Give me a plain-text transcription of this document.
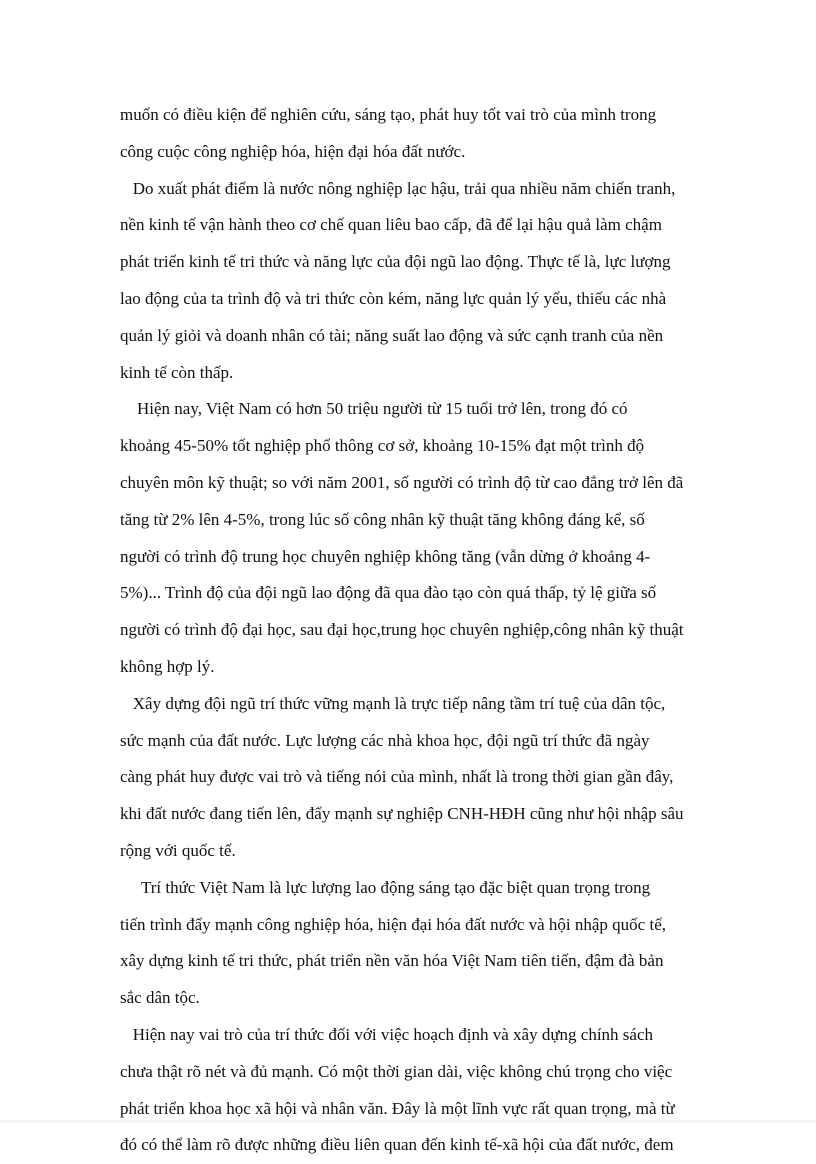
muốn có điều kiện để nghiên cứu, sáng tạo, phát huy tốt vai trò của mình trong
công cuộc công nghiệp hóa, hiện đại hóa đất nước.
Do xuất phát điểm là nước nông nghiệp lạc hậu, trải qua nhiều năm chiến tranh,
nền kinh tế vận hành theo cơ chế quan liêu bao cấp, đã để lại hậu quả làm chậm
phát triển kinh tế tri thức và năng lực của đội ngũ lao động. Thực tế là, lực lượng
lao động của ta trình độ và tri thức còn kém, năng lực quản lý yếu, thiếu các nhà
quản lý giỏi và doanh nhân có tài; năng suất lao động và sức cạnh tranh của nền
kinh tế còn thấp.
Hiện nay, Việt Nam có hơn 50 triệu người từ 15 tuổi trở lên, trong đó có
khoảng 45-50% tốt nghiệp phổ thông cơ sở, khoảng 10-15% đạt một trình độ
chuyên môn kỹ thuật; so với năm 2001, số người có trình độ từ cao đẳng trở lên đã
tăng từ 2% lên 4-5%, trong lúc số công nhân kỹ thuật tăng không đáng kể, số
người có trình độ trung học chuyên nghiệp không tăng (vẫn dừng ở khoảng 4-
5%)... Trình độ của đội ngũ lao động đã qua đào tạo còn quá thấp, tỷ lệ giữa số
người có trình độ đại học, sau đại học,trung học chuyên nghiệp,công nhân kỹ thuật
không hợp lý.
Xây dựng đội ngũ trí thức vững mạnh là trực tiếp nâng tầm trí tuệ của dân tộc,
sức mạnh của đất nước. Lực lượng các nhà khoa học, đội ngũ trí thức đã ngày
càng phát huy được vai trò và tiếng nói của mình, nhất là trong thời gian gần đây,
khi đất nước đang tiến lên, đẩy mạnh sự nghiệp CNH-HĐH cũng như hội nhập sâu
rộng với quốc tế.
Trí thức Việt Nam là lực lượng lao động sáng tạo đặc biệt quan trọng trong
tiến trình đẩy mạnh công nghiệp hóa, hiện đại hóa đất nước và hội nhập quốc tế,
xây dựng kinh tế tri thức, phát triển nền văn hóa Việt Nam tiên tiến, đậm đà bản
sắc dân tộc.
Hiện nay vai trò của trí thức đối với việc hoạch định và xây dựng chính sách
chưa thật rõ nét và đủ mạnh. Có một thời gian dài, việc không chú trọng cho việc
phát triển khoa học xã hội và nhân văn. Đây là một lĩnh vực rất quan trọng, mà từ
đó có thể làm rõ được những điều liên quan đến kinh tế-xã hội của đất nước, đem
